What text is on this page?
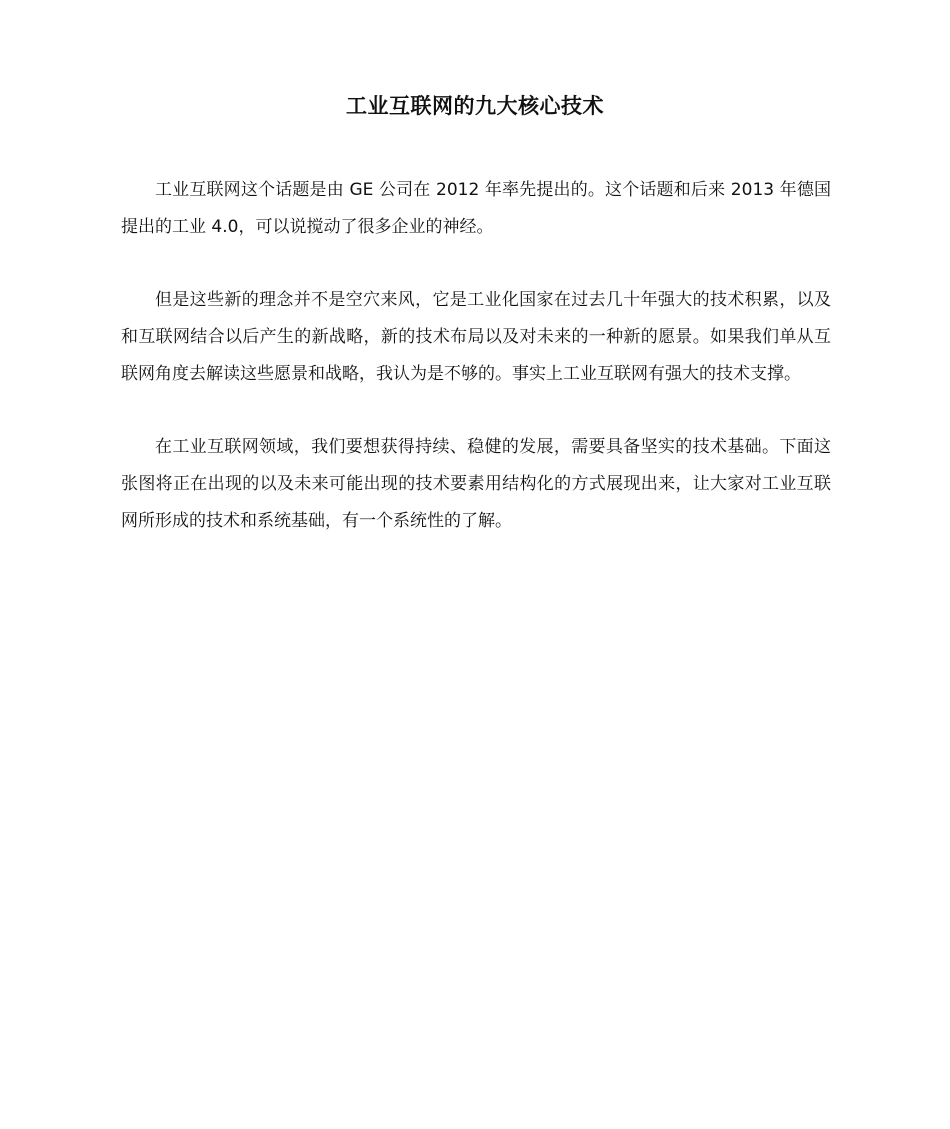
工业互联网的九大核心技术

工业互联网这个话题是由 GE 公司在 2012 年率先提出的。这个话题和后来 2013 年德国提出的工业 4.0，可以说搅动了很多企业的神经。

但是这些新的理念并不是空穴来风，它是工业化国家在过去几十年强大的技术积累，以及和互联网结合以后产生的新战略，新的技术布局以及对未来的一种新的愿景。如果我们单从互联网角度去解读这些愿景和战略，我认为是不够的。事实上工业互联网有强大的技术支撑。

在工业互联网领域，我们要想获得持续、稳健的发展，需要具备坚实的技术基础。下面这张图将正在出现的以及未来可能出现的技术要素用结构化的方式展现出来，让大家对工业互联网所形成的技术和系统基础，有一个系统性的了解。
